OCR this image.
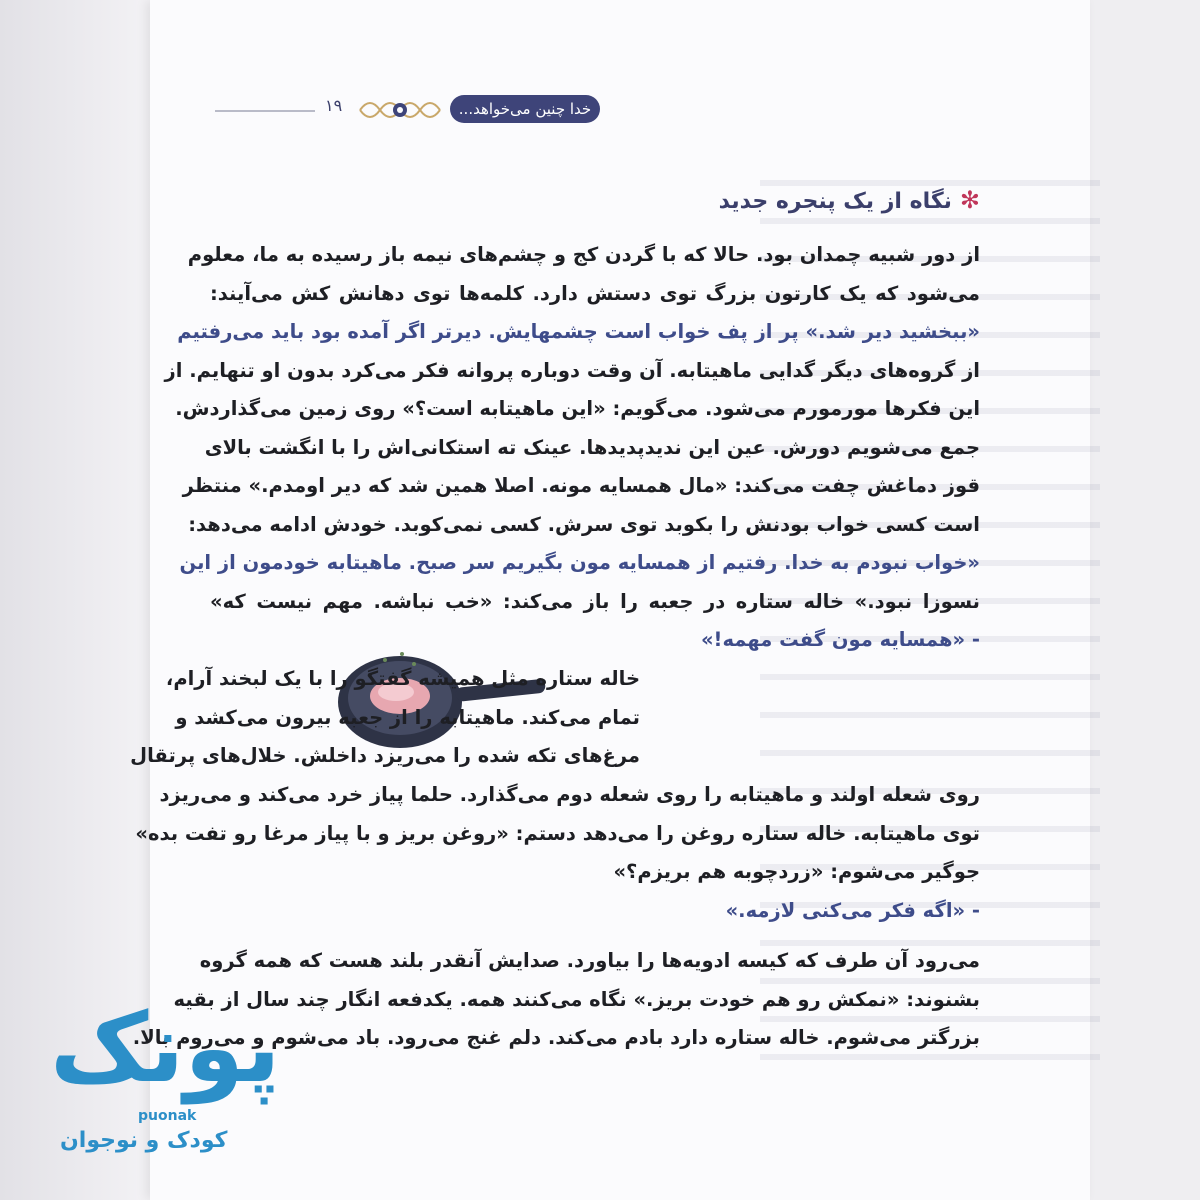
۱۹	خدا چنین می‌خواهد...
✻نگاه از یک پنجره جدید
از دور شبیه چمدان بود. حالا که با گردن کج و چشم‌های نیمه باز رسیده به ما، معلوم
می‌شود که یک کارتون بزرگ توی دستش دارد. کلمه‌ها توی دهانش کش می‌آیند:
«ببخشید دیر شد.» پر از پف خواب است چشمهایش. دیرتر اگر آمده بود باید می‌رفتیم
از گروه‌های دیگر گدایی ماهیتابه. آن وقت دوباره پروانه فکر می‌کرد بدون او تنهایم. از
این فکرها مورمورم می‌شود. می‌گویم: «این ماهیتابه است؟» روی زمین می‌گذاردش.
جمع می‌شویم دورش. عین این ندیدپدیدها. عینک ته استکانی‌اش را با انگشت بالای
قوز دماغش چفت می‌کند: «مال همسایه مونه. اصلا همین شد که دیر اومدم.» منتظر
است کسی خواب بودنش را بکوبد توی سرش. کسی نمی‌کوبد. خودش ادامه می‌دهد:
«خواب نبودم به خدا. رفتیم از همسایه مون بگیریم سر صبح. ماهیتابه خودمون از این
نسوزا نبود.» خاله ستاره در جعبه را باز می‌کند: «خب نباشه. مهم نیست که»
- «همسایه مون گفت مهمه!»
خاله ستاره مثل همیشه گفتگو را با یک لبخند آرام،
تمام می‌کند. ماهیتابه را از جعبه بیرون می‌کشد و
مرغ‌های تکه شده را می‌ریزد داخلش. خلال‌های پرتقال
روی شعله اولند و ماهیتابه را روی شعله دوم می‌گذارد. حلما پیاز خرد می‌کند و می‌ریزد
توی ماهیتابه. خاله ستاره روغن را می‌دهد دستم: «روغن بریز و با پیاز مرغا رو تفت بده»
جوگیر می‌شوم: «زردچوبه هم بریزم؟»
- «اگه فکر می‌کنی لازمه.»
می‌رود آن طرف که کیسه ادویه‌ها را بیاورد. صدایش آنقدر بلند هست که همه گروه
بشنوند: «نمکش رو هم خودت بریز.» نگاه می‌کنند همه. یکدفعه انگار چند سال از بقیه
بزرگتر می‌شوم. خاله ستاره دارد بادم می‌کند. دلم غنج می‌رود. باد می‌شوم و می‌روم بالا.
پونک
puonak
کودک و نوجوان
